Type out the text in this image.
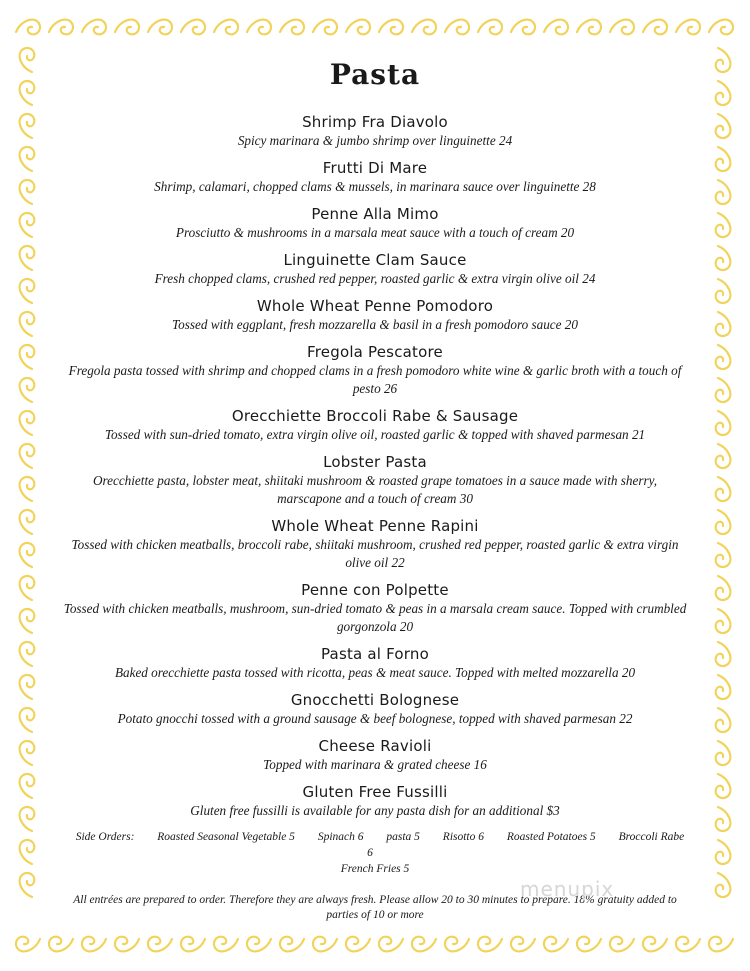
Pasta
Shrimp Fra Diavolo
Spicy marinara & jumbo shrimp over linguinette 24
Frutti Di Mare
Shrimp, calamari, chopped clams & mussels, in marinara sauce over linguinette 28
Penne Alla Mimo
Prosciutto & mushrooms in a marsala meat sauce with a touch of cream 20
Linguinette Clam Sauce
Fresh chopped clams, crushed red pepper, roasted garlic & extra virgin olive oil 24
Whole Wheat Penne Pomodoro
Tossed with eggplant, fresh mozzarella & basil in a fresh pomodoro sauce 20
Fregola Pescatore
Fregola pasta tossed with shrimp and chopped clams in a fresh pomodoro white wine & garlic broth with a touch of pesto 26
Orecchiette Broccoli Rabe & Sausage
Tossed with sun-dried tomato, extra virgin olive oil, roasted garlic & topped with shaved parmesan 21
Lobster Pasta
Orecchiette pasta, lobster meat, shiitaki mushroom & roasted grape tomatoes in a sauce made with sherry, marscapone and a touch of cream 30
Whole Wheat Penne Rapini
Tossed with chicken meatballs, broccoli rabe, shiitaki mushroom, crushed red pepper, roasted garlic & extra virgin olive oil 22
Penne con Polpette
Tossed with chicken meatballs, mushroom, sun-dried tomato & peas in a marsala cream sauce. Topped with crumbled gorgonzola 20
Pasta al Forno
Baked orecchiette pasta tossed with ricotta, peas & meat sauce. Topped with melted mozzarella 20
Gnocchetti Bolognese
Potato gnocchi tossed with a ground sausage & beef bolognese, topped with shaved parmesan 22
Cheese Ravioli
Topped with marinara & grated cheese 16
Gluten Free Fussilli
Gluten free fussilli is available for any pasta dish for an additional $3
Side Orders: Roasted Seasonal Vegetable 5 Spinach 6 pasta 5 Risotto 6 Roasted Potatoes 5 Broccoli Rabe 6
French Fries 5
All entrées are prepared to order. Therefore they are always fresh. Please allow 20 to 30 minutes to prepare. 18% gratuity added to parties of 10 or more
menupix
